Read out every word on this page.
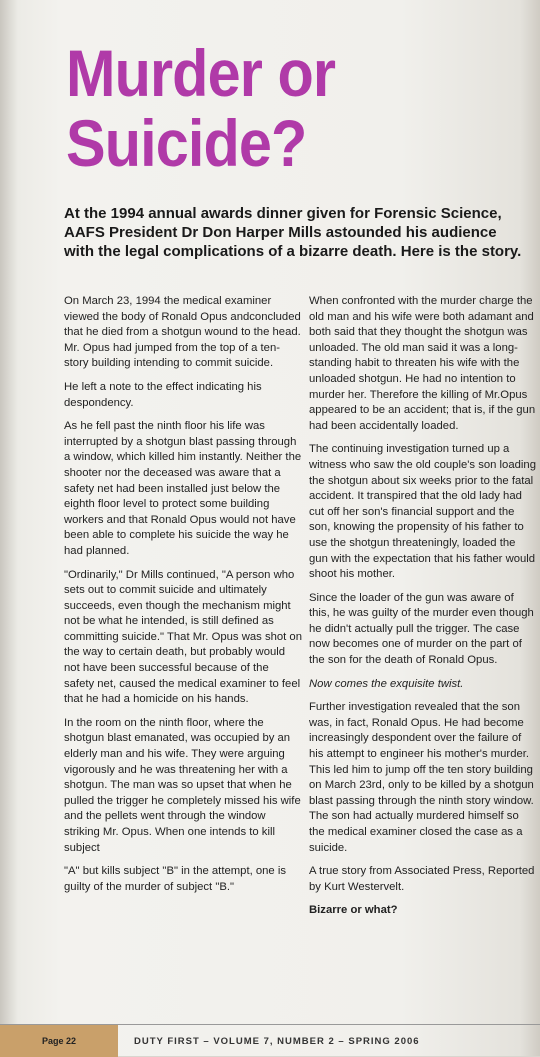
Murder or
Suicide?
At the 1994 annual awards dinner given for Forensic Science, AAFS President Dr Don Harper Mills astounded his audience with the legal complications of a bizarre death. Here is the story.

On March 23, 1994 the medical examiner viewed the body of Ronald Opus andconcluded that he died from a shotgun wound to the head. Mr. Opus had jumped from the top of a ten-story building intending to commit suicide.

He left a note to the effect indicating his despondency.

As he fell past the ninth floor his life was interrupted by a shotgun blast passing through a window, which killed him instantly. Neither the shooter nor the deceased was aware that a safety net had been installed just below the eighth floor level to protect some building workers and that Ronald Opus would not have been able to complete his suicide the way he had planned.

"Ordinarily," Dr Mills continued, "A person who sets out to commit suicide and ultimately succeeds, even though the mechanism might not be what he intended, is still defined as committing suicide." That Mr. Opus was shot on the way to certain death, but probably would not have been successful because of the safety net, caused the medical examiner to feel that he had a homicide on his hands.

In the room on the ninth floor, where the shotgun blast emanated, was occupied by an elderly man and his wife. They were arguing vigorously and he was threatening her with a shotgun. The man was so upset that when he pulled the trigger he completely missed his wife and the pellets went through the window striking Mr. Opus. When one intends to kill subject

"A" but kills subject "B" in the attempt, one is guilty of the murder of subject "B."

When confronted with the murder charge the old man and his wife were both adamant and both said that they thought the shotgun was unloaded. The old man said it was a long-standing habit to threaten his wife with the unloaded shotgun. He had no intention to murder her. Therefore the killing of Mr.Opus appeared to be an accident; that is, if the gun had been accidentally loaded.

The continuing investigation turned up a witness who saw the old couple's son loading the shotgun about six weeks prior to the fatal accident. It transpired that the old lady had cut off her son's financial support and the son, knowing the propensity of his father to use the shotgun threateningly, loaded the gun with the expectation that his father would shoot his mother.

Since the loader of the gun was aware of this, he was guilty of the murder even though he didn't actually pull the trigger. The case now becomes one of murder on the part of the son for the death of Ronald Opus.

Now comes the exquisite twist.

Further investigation revealed that the son was, in fact, Ronald Opus. He had become increasingly despondent over the failure of his attempt to engineer his mother's murder. This led him to jump off the ten story building on March 23rd, only to be killed by a shotgun blast passing through the ninth story window. The son had actually murdered himself so the medical examiner closed the case as a suicide.

A true story from Associated Press, Reported by Kurt Westervelt.

Bizarre or what?

Page 22	DUTY FIRST – VOLUME 7, NUMBER 2 – SPRING 2006
